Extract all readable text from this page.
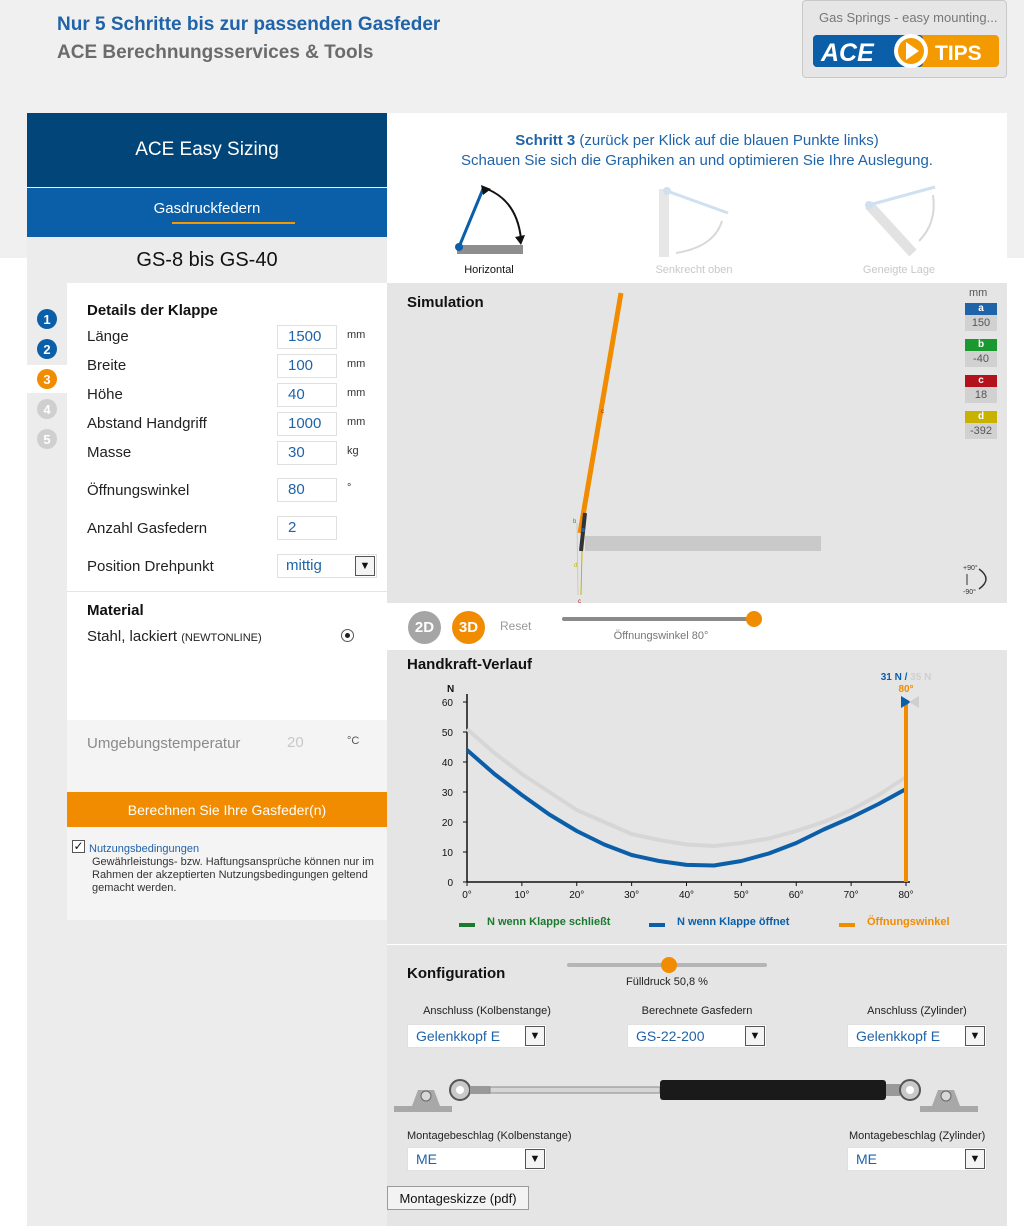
Nur 5 Schritte bis zur passenden Gasfeder
ACE Berechnungsservices & Tools
Gas Springs - easy mounting...
ACE	TIPS
ACE Easy Sizing
Gasdruckfedern
GS-8 bis GS-40
1
2
3
4
5
Details der Klappe
Länge	1500	mm
Breite	100	mm
Höhe	40	mm
Abstand Handgriff	1000	mm
Masse	30	kg
Öffnungswinkel	80	°
Anzahl Gasfedern	2
Position Drehpunkt	mittig	▼
Material
Stahl, lackiert (NEWTONLINE)
Umgebungstemperatur	20	°C
Berechnen Sie Ihre Gasfeder(n)
✓ Nutzungsbedingungen
Gewährleistungs- bzw. Haftungsansprüche können nur im Rahmen der akzeptierten Nutzungsbedingungen geltend gemacht werden.
Schritt 3 (zurück per Klick auf die blauen Punkte links)
Schauen Sie sich die Graphiken an und optimieren Sie Ihre Auslegung.
Horizontal	Senkrecht oben	Geneigte Lage
Simulation
b
c
d
c
mm
a
150
b
-40
c
18
d
-392
+90°
-90°
2D	3D	Reset
Öffnungswinkel 80°
Handkraft-Verlauf
N
0
10
20
30
40
50
60
0°	10°	20°	30°	40°	50°	60°	70°	80°
31 N / 35 N
80°
N wenn Klappe schließt	N wenn Klappe öffnet	Öffnungswinkel
Konfiguration	Fülldruck 50,8 %
Anschluss (Kolbenstange)	Berechnete Gasfedern	Anschluss (Zylinder)
Gelenkkopf E	▼	GS-22-200	▼	Gelenkkopf E	▼
Montagebeschlag (Kolbenstange)	Montagebeschlag (Zylinder)
ME	▼	ME	▼
Montageskizze (pdf)
